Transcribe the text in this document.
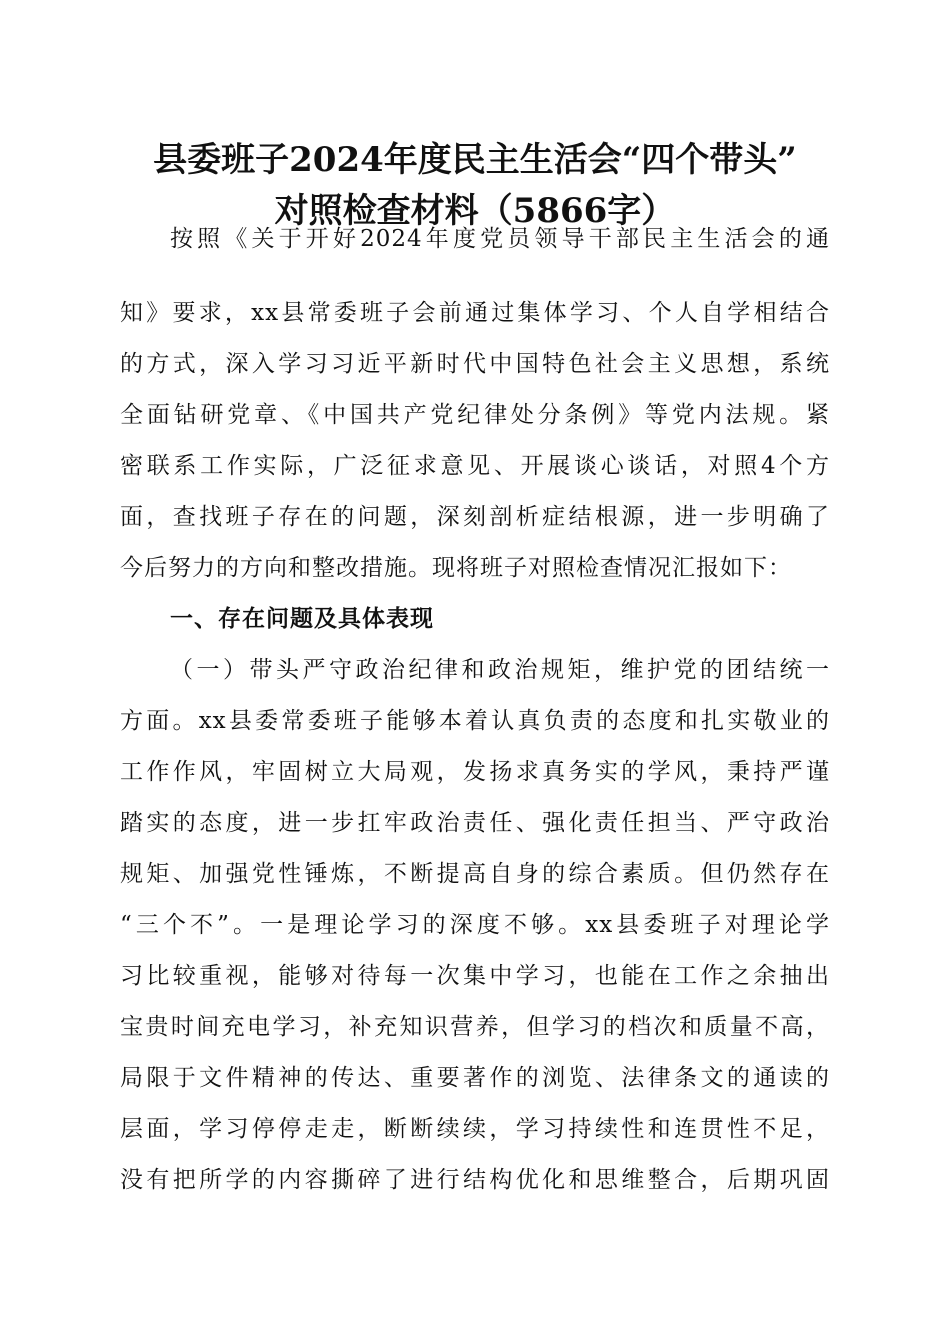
县委班子2024年度民主生活会“四个带头”
对照检查材料（5866字）
按照《关于开好2024年度党员领导干部民主生活会的通
知》要求，xx县常委班子会前通过集体学习、个人自学相结合
的方式，深入学习习近平新时代中国特色社会主义思想，系统
全面钻研党章、《中国共产党纪律处分条例》等党内法规。紧
密联系工作实际，广泛征求意见、开展谈心谈话，对照4个方
面，查找班子存在的问题，深刻剖析症结根源，进一步明确了
今后努力的方向和整改措施。现将班子对照检查情况汇报如下：
一、存在问题及具体表现
（一）带头严守政治纪律和政治规矩，维护党的团结统一
方面。xx县委常委班子能够本着认真负责的态度和扎实敬业的
工作作风，牢固树立大局观，发扬求真务实的学风，秉持严谨
踏实的态度，进一步扛牢政治责任、强化责任担当、严守政治
规矩、加强党性锤炼，不断提高自身的综合素质。但仍然存在
“三个不”。一是理论学习的深度不够。xx县委班子对理论学
习比较重视，能够对待每一次集中学习，也能在工作之余抽出
宝贵时间充电学习，补充知识营养，但学习的档次和质量不高，
局限于文件精神的传达、重要著作的浏览、法律条文的通读的
层面，学习停停走走，断断续续，学习持续性和连贯性不足，
没有把所学的内容撕碎了进行结构优化和思维整合，后期巩固
